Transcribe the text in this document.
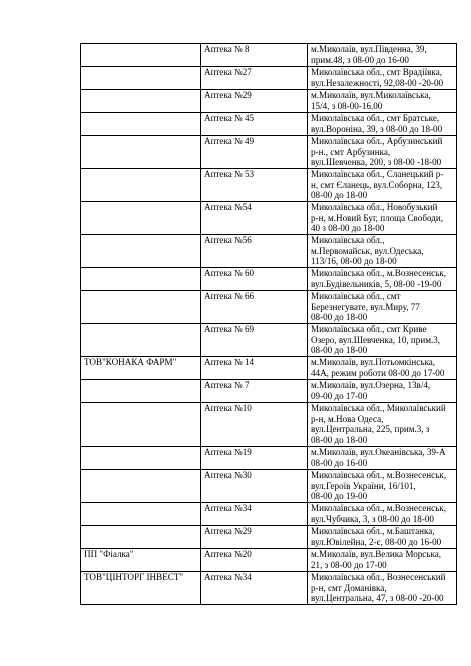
	Аптека № 8	м.Миколаїв, вул.Південна, 39,
прим.48, з 08-00 до 16-00

	Аптека №27	Миколаївська обл., смт Врадіївка,
вул.Незалежності, 92,08-00 -20-00

	Аптека №29	м.Миколаїв, вул.Миколаївська,
15/4, з 08-00-16.00

	Аптека № 45	Миколаївська обл., смт Братське,
вул.Вороніна, 39, з 08-00 до 18-00

	Аптека № 49	Миколаївська обл., Арбузинський
р-н., смт Арбузинка,
вул.Шевченка, 200, з 08-00 -18-00

	Аптека № 53	Миколаївська обл., Сланецький р-
н, смт Єланець, вул.Соборна, 123,
08-00 до 18-00

	Аптека №54	Миколаївська обл., Новобузький
р-н, м.Новий Буг, площа Свободи,
40 з 08-00 до 18-00

	Аптека №56	Миколаївська обл.,
м.Первомайськ, вул.Одеська,
113/16, 08-00 до 18-00

	Аптека № 60	Миколаївська обл., м.Вознесенськ,
вул.Будівельників, 5, 08-00 -19-00

	Аптека № 66	Миколаївська обл., смт
Березнегувате, вул.Миру, 77
08-00 до 18-00

	Аптека № 69	Миколаївська обл., смт Криве
Озеро, вул.Шевченка, 10, прим.3,
08-00 до 18-00

ТОВ"КОНАКА ФАРМ"	Аптека № 14	м.Миколаїв, вул.Потьомкінська,
44А, режим роботи 08-00 до 17-00

	Аптека № 7	м.Миколаїв, вул.Озерна, 13в/4,
09-00 до 17-00

	Аптека №10	Миколаївська обл., Миколаївський
р-н, м.Нова Одеса,
вул.Центральна, 225, прим.3, з
08-00 до 18-00

	Аптека №19	м.Миколаїв, вул.Океанівська, 39-А
08-00 до 16-00

	Аптека №30	Миколаївська обл., м.Вознесенськ,
вул.Героїв України, 16/101,
08-00 до 19-00

	Аптека №34	Миколаївська обл., м.Вознесенськ,
вул.Чубчика, 3, з 08-00 до 18-00

	Аптека №29	Миколаївська обл., м.Баштанка,
вул.Ювілейна, 2-є, 08-00 до 16-00

ПП "Фіалка"	Аптека №20	м.Миколаїв, вул.Велика Морська,
21, з 08-00 до 17-00

ТОВ"ЦІНТОРГ ІНВЕСТ"	Аптека №34	Миколаївська обл., Вознесенський
р-н, смт Доманівка,
вул.Центральна, 47, з 08-00 -20-00
